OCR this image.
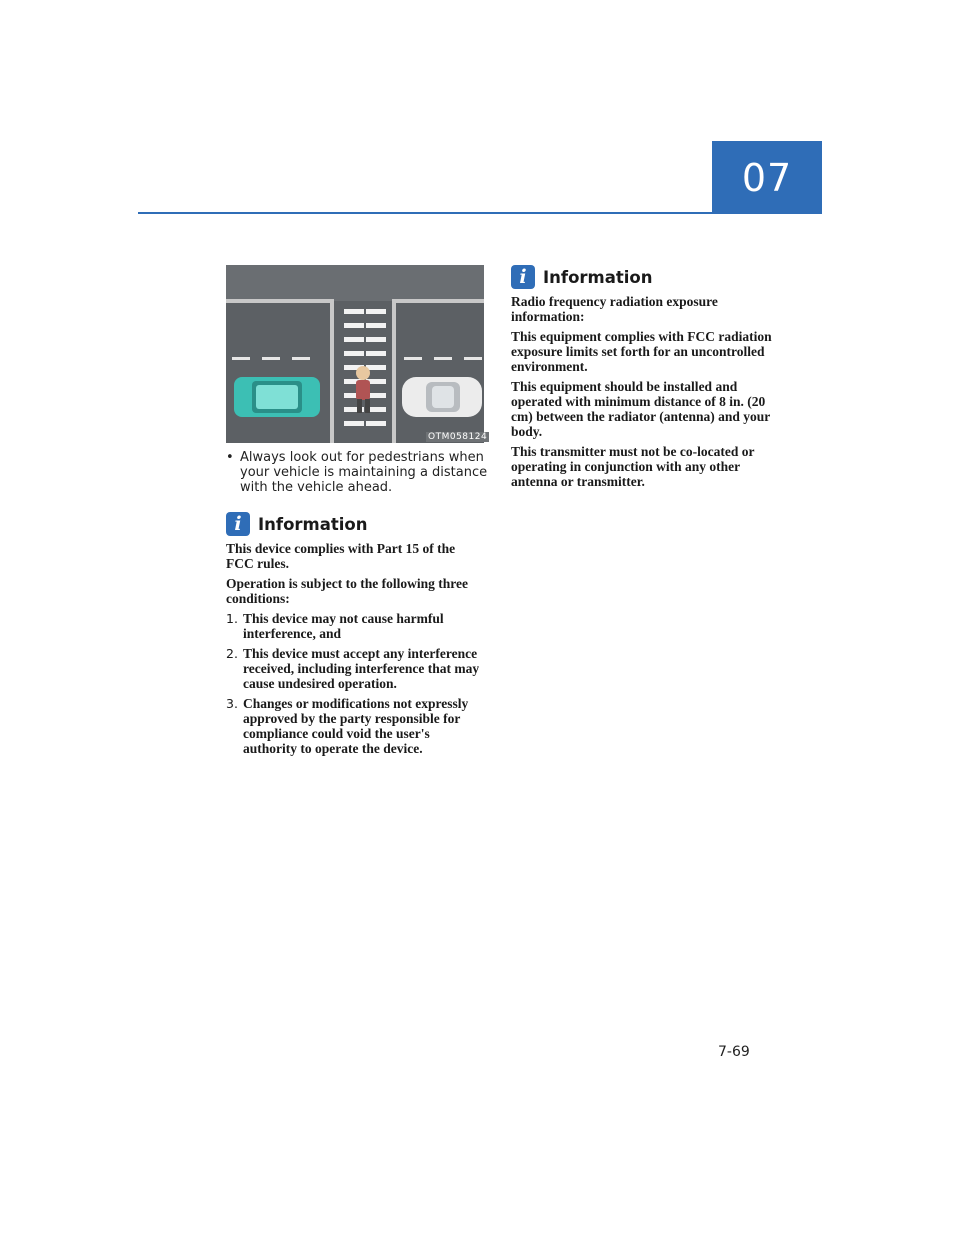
07
OTM058124
• Always look out for pedestrians when your vehicle is maintaining a distance with the vehicle ahead.
i Information

This device complies with Part 15 of the FCC rules.

Operation is subject to the following three conditions:

1. This device may not cause harmful interference, and
2. This device must accept any interference received, including interference that may cause undesired operation.
3. Changes or modifications not expressly approved by the party responsible for compliance could void the user's authority to operate the device.
i Information

Radio frequency radiation exposure information:

This equipment complies with FCC radiation exposure limits set forth for an uncontrolled environment.

This equipment should be installed and operated with minimum distance of 8 in. (20 cm) between the radiator (antenna) and your body.

This transmitter must not be co-located or operating in conjunction with any other antenna or transmitter.

7-69
